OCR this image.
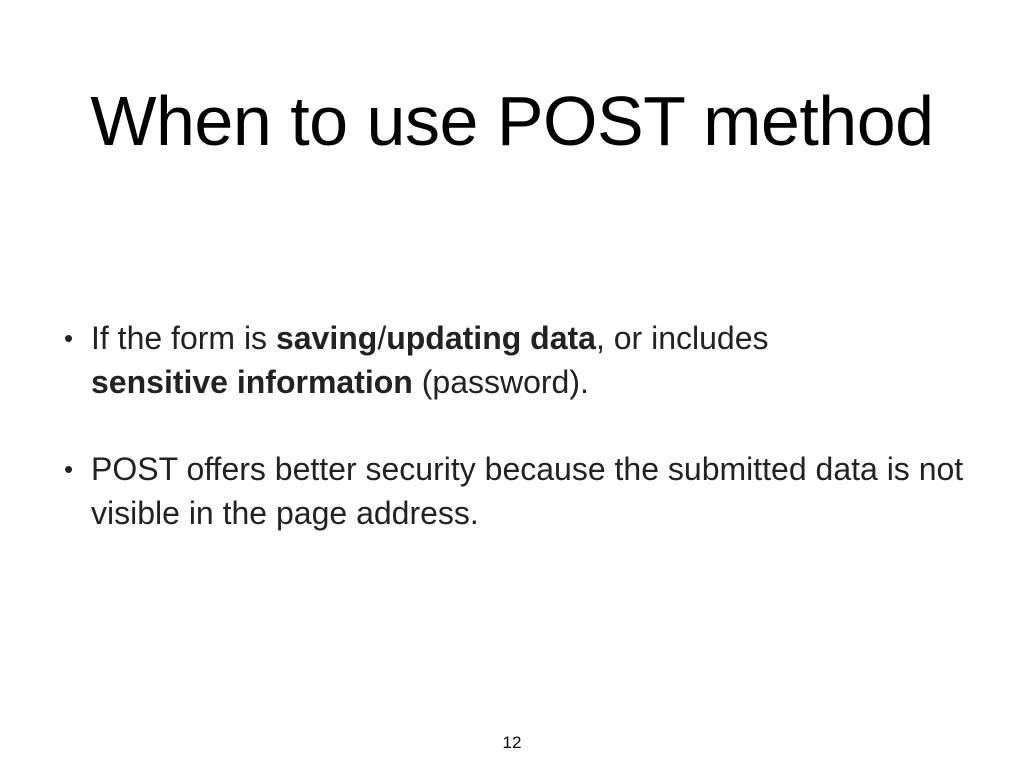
When to use POST method
• If the form is saving/updating data, or includes
sensitive information (password).
• POST offers better security because the submitted data is not visible in the page address.
12
